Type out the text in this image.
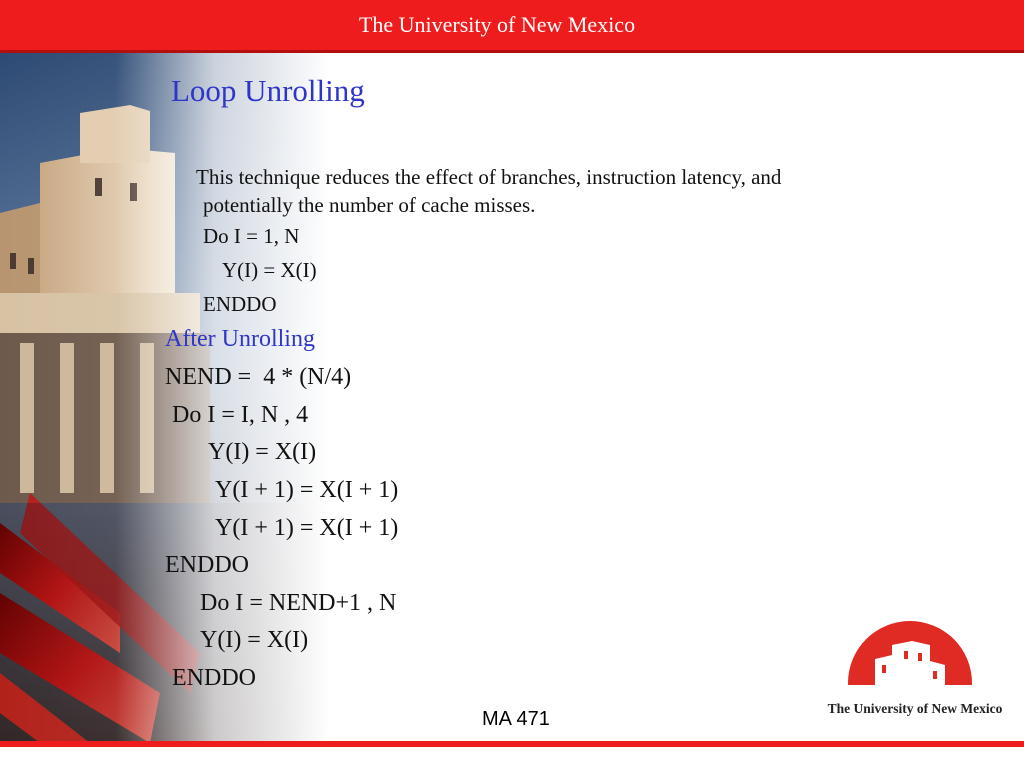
The University of New Mexico
Loop Unrolling
This technique reduces the effect of branches, instruction latency, and
potentially the number of cache misses.
Do I = 1, N
Y(I) = X(I)
ENDDO
After Unrolling
NEND =  4 * (N/4)
Do I = I, N , 4
Y(I) = X(I)
Y(I + 1) = X(I + 1)
Y(I + 1) = X(I + 1)
ENDDO
Do I = NEND+1 , N
Y(I) = X(I)
ENDDO
MA 471	The University of New Mexico
